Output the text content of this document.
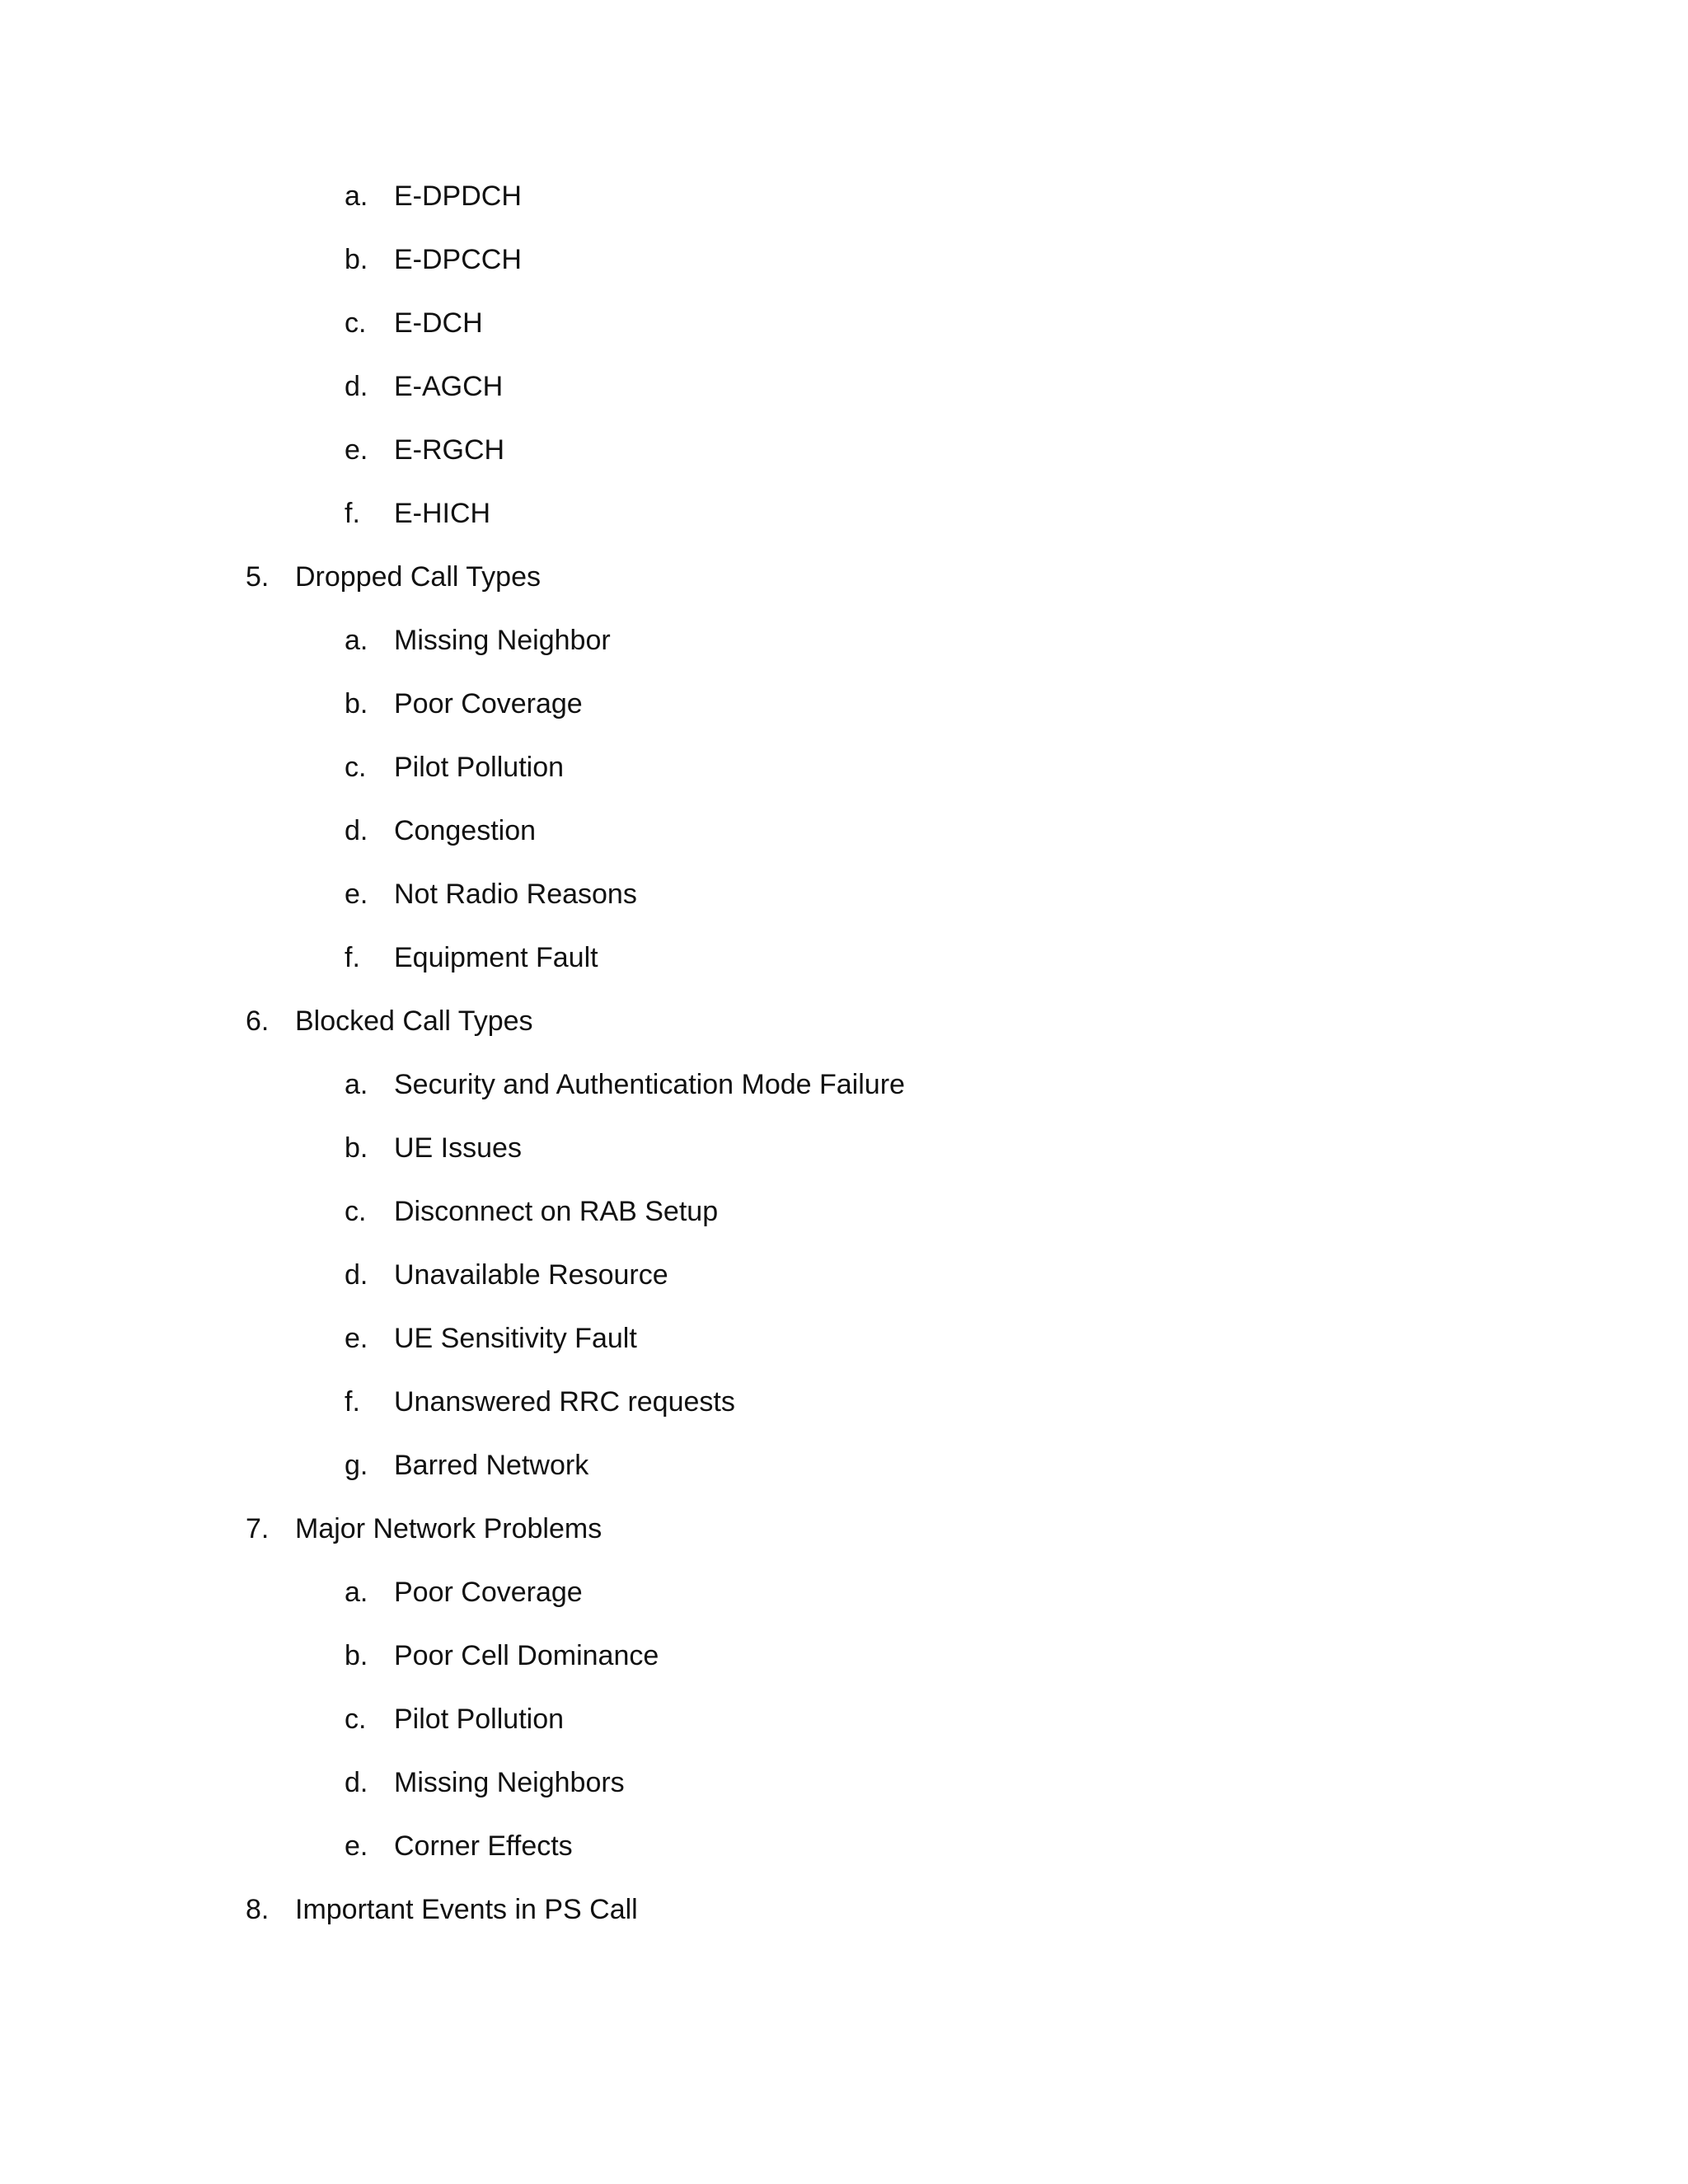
a. E-DPDCH
b. E-DPCCH
c. E-DCH
d. E-AGCH
e. E-RGCH
f. E-HICH
5. Dropped Call Types
a. Missing Neighbor
b. Poor Coverage
c. Pilot Pollution
d. Congestion
e. Not Radio Reasons
f. Equipment Fault
6. Blocked Call Types
a. Security and Authentication Mode Failure
b. UE Issues
c. Disconnect on RAB Setup
d. Unavailable Resource
e. UE Sensitivity Fault
f. Unanswered RRC requests
g. Barred Network
7. Major Network Problems
a. Poor Coverage
b. Poor Cell Dominance
c. Pilot Pollution
d. Missing Neighbors
e. Corner Effects
8. Important Events in PS Call
